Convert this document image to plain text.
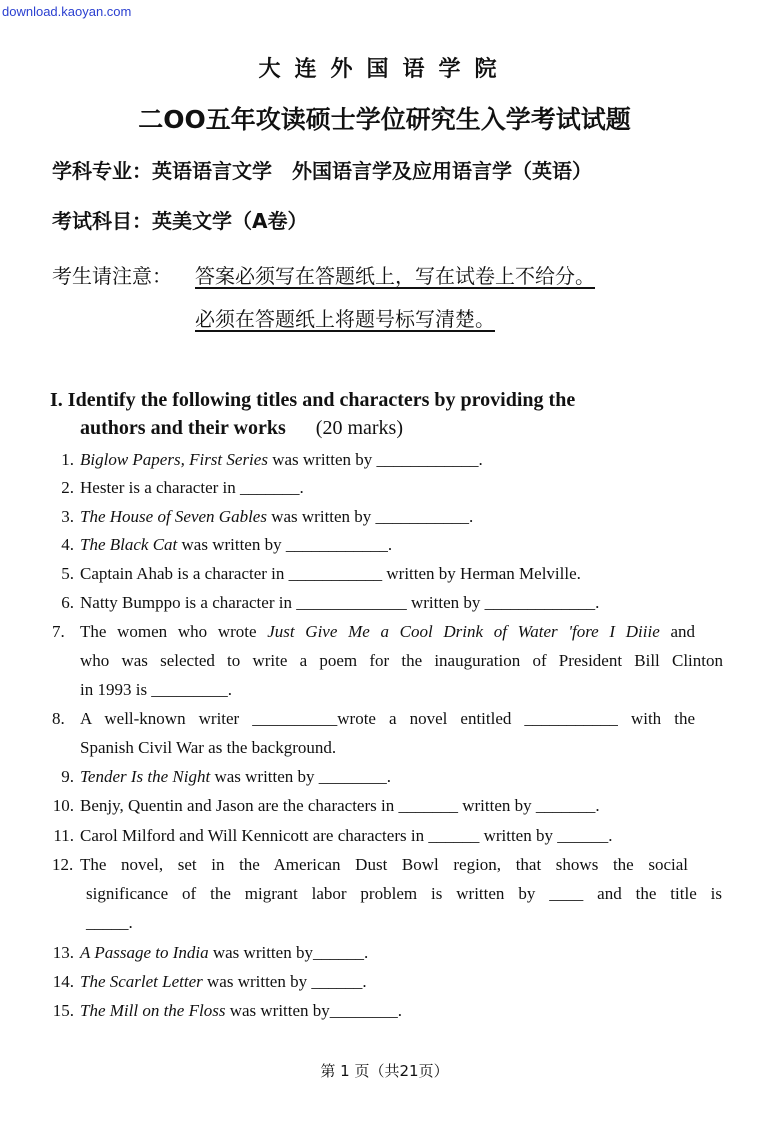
download.kaoyan.com
大连外国语学院
二OO五年攻读硕士学位研究生入学考试试题
学科专业：英语语言文学　外国语言学及应用语言学（英语）
考试科目：英美文学（A卷）
考生请注意： 答案必须写在答题纸上，写在试卷上不给分。
必须在答题纸上将题号标写清楚。
I. Identify the following titles and characters by providing the
authors and their works (20 marks)
1. Biglow Papers, First Series was written by ____________.
2. Hester is a character in _______.
3. The House of Seven Gables was written by ___________.
4. The Black Cat was written by ____________.
5. Captain Ahab is a character in ___________ written by Herman Melville.
6. Natty Bumppo is a character in _____________ written by _____________.
7. The women who wrote Just Give Me a Cool Drink of Water 'fore I Diiie and
who was selected to write a poem for the inauguration of President Bill Clinton
in 1993 is _________.
8. A well-known writer __________wrote a novel entitled ___________ with the
Spanish Civil War as the background.
9. Tender Is the Night was written by ________.
10. Benjy, Quentin and Jason are the characters in _______ written by _______.
11. Carol Milford and Will Kennicott are characters in ______ written by ______.
12. The novel, set in the American Dust Bowl region, that shows the social
significance of the migrant labor problem is written by ____ and the title is
_____.
13. A Passage to India was written by______.
14. The Scarlet Letter was written by ______.
15. The Mill on the Floss was written by________.
第 1 页（共21页）
